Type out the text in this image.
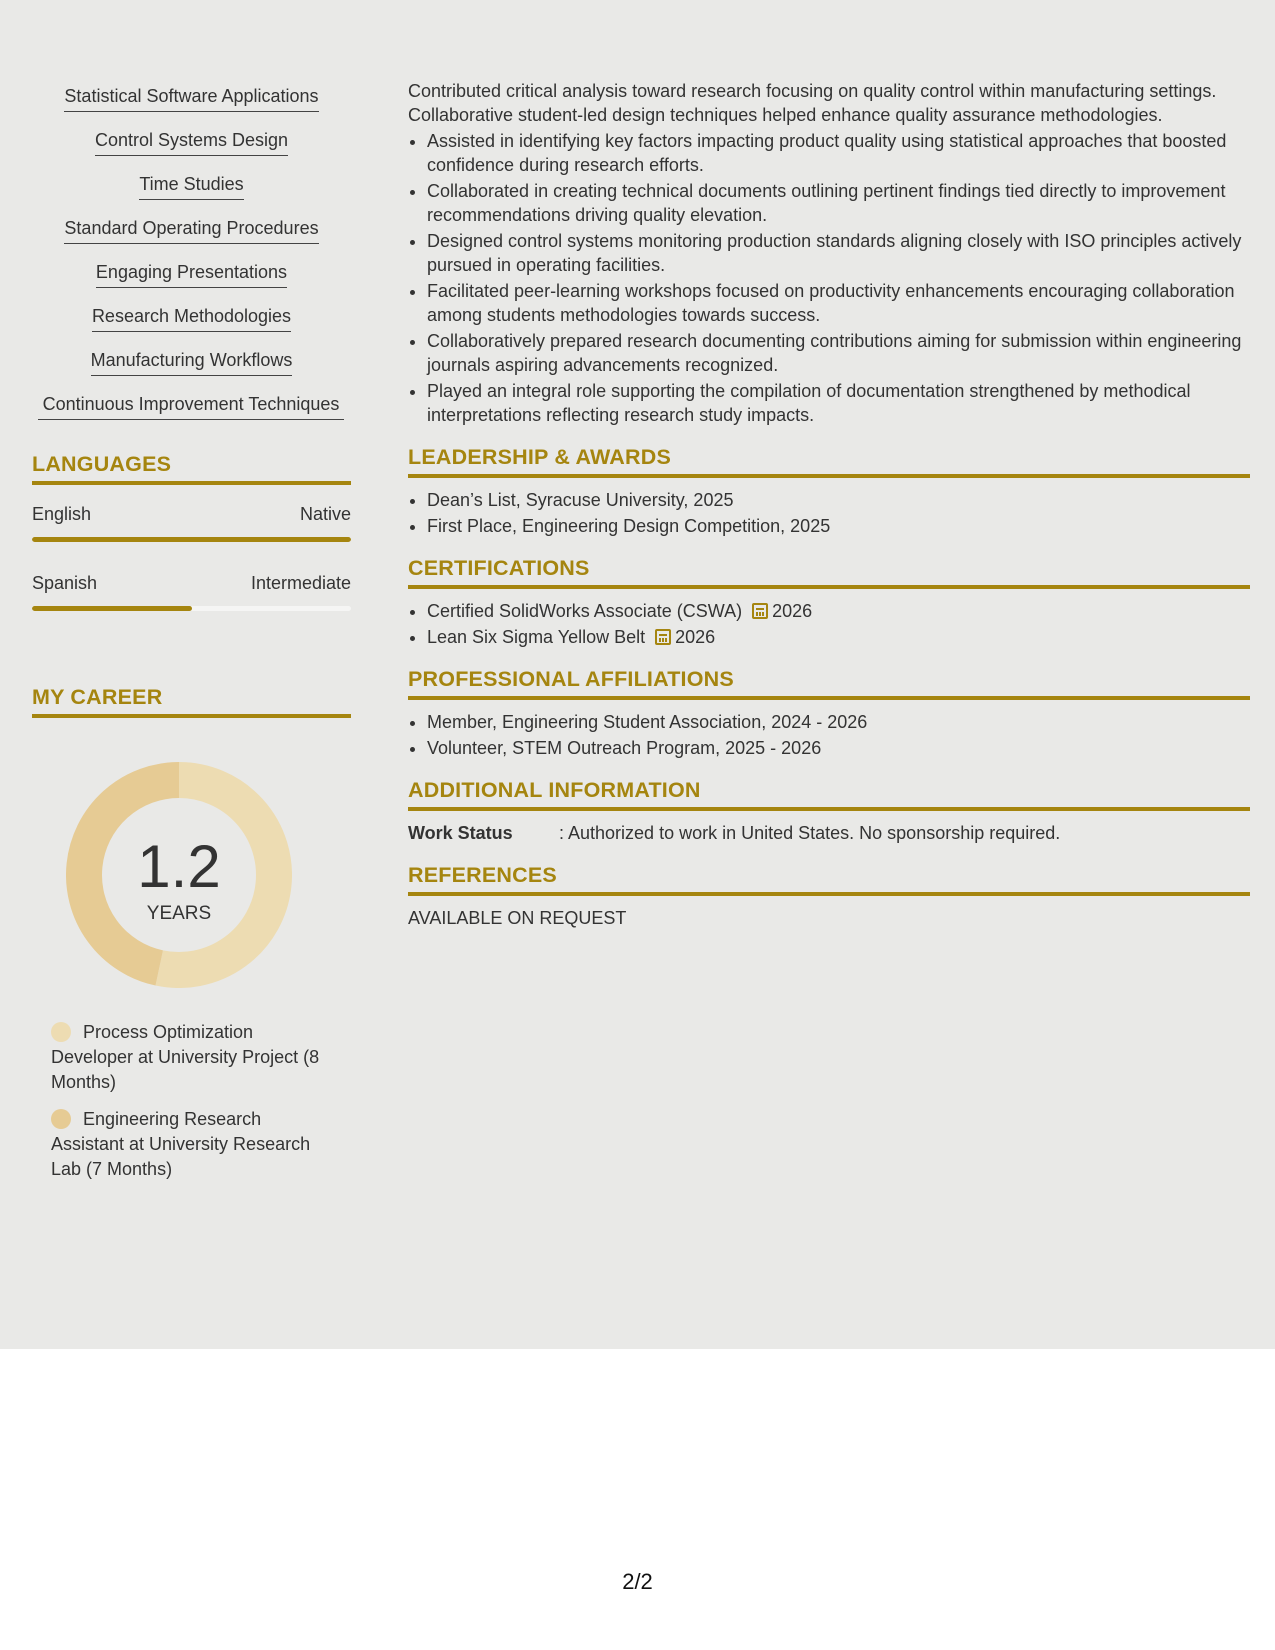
Statistical Software Applications
Control Systems Design
Time Studies
Standard Operating Procedures
Engaging Presentations
Research Methodologies
Manufacturing Workflows
Continuous Improvement Techniques
LANGUAGES
English	Native
Spanish	Intermediate
MY CAREER
1.2
YEARS
Process Optimization Developer at University Project (8 Months)
Engineering Research Assistant at University Research Lab (7 Months)

Contributed critical analysis toward research focusing on quality control within manufacturing settings. Collaborative student-led design techniques helped enhance quality assurance methodologies.

• Assisted in identifying key factors impacting product quality using statistical approaches that boosted confidence during research efforts.
• Collaborated in creating technical documents outlining pertinent findings tied directly to improvement recommendations driving quality elevation.
• Designed control systems monitoring production standards aligning closely with ISO principles actively pursued in operating facilities.
• Facilitated peer-learning workshops focused on productivity enhancements encouraging collaboration among students methodologies towards success.
• Collaboratively prepared research documenting contributions aiming for submission within engineering journals aspiring advancements recognized.
• Played an integral role supporting the compilation of documentation strengthened by methodical interpretations reflecting research study impacts.
LEADERSHIP & AWARDS
• Dean’s List, Syracuse University, 2025
• First Place, Engineering Design Competition, 2025
CERTIFICATIONS
• Certified SolidWorks Associate (CSWA) 2026
• Lean Six Sigma Yellow Belt 2026
PROFESSIONAL AFFILIATIONS
• Member, Engineering Student Association, 2024 - 2026
• Volunteer, STEM Outreach Program, 2025 - 2026
ADDITIONAL INFORMATION
Work Status	: Authorized to work in United States. No sponsorship required.
REFERENCES
AVAILABLE ON REQUEST
2/2
